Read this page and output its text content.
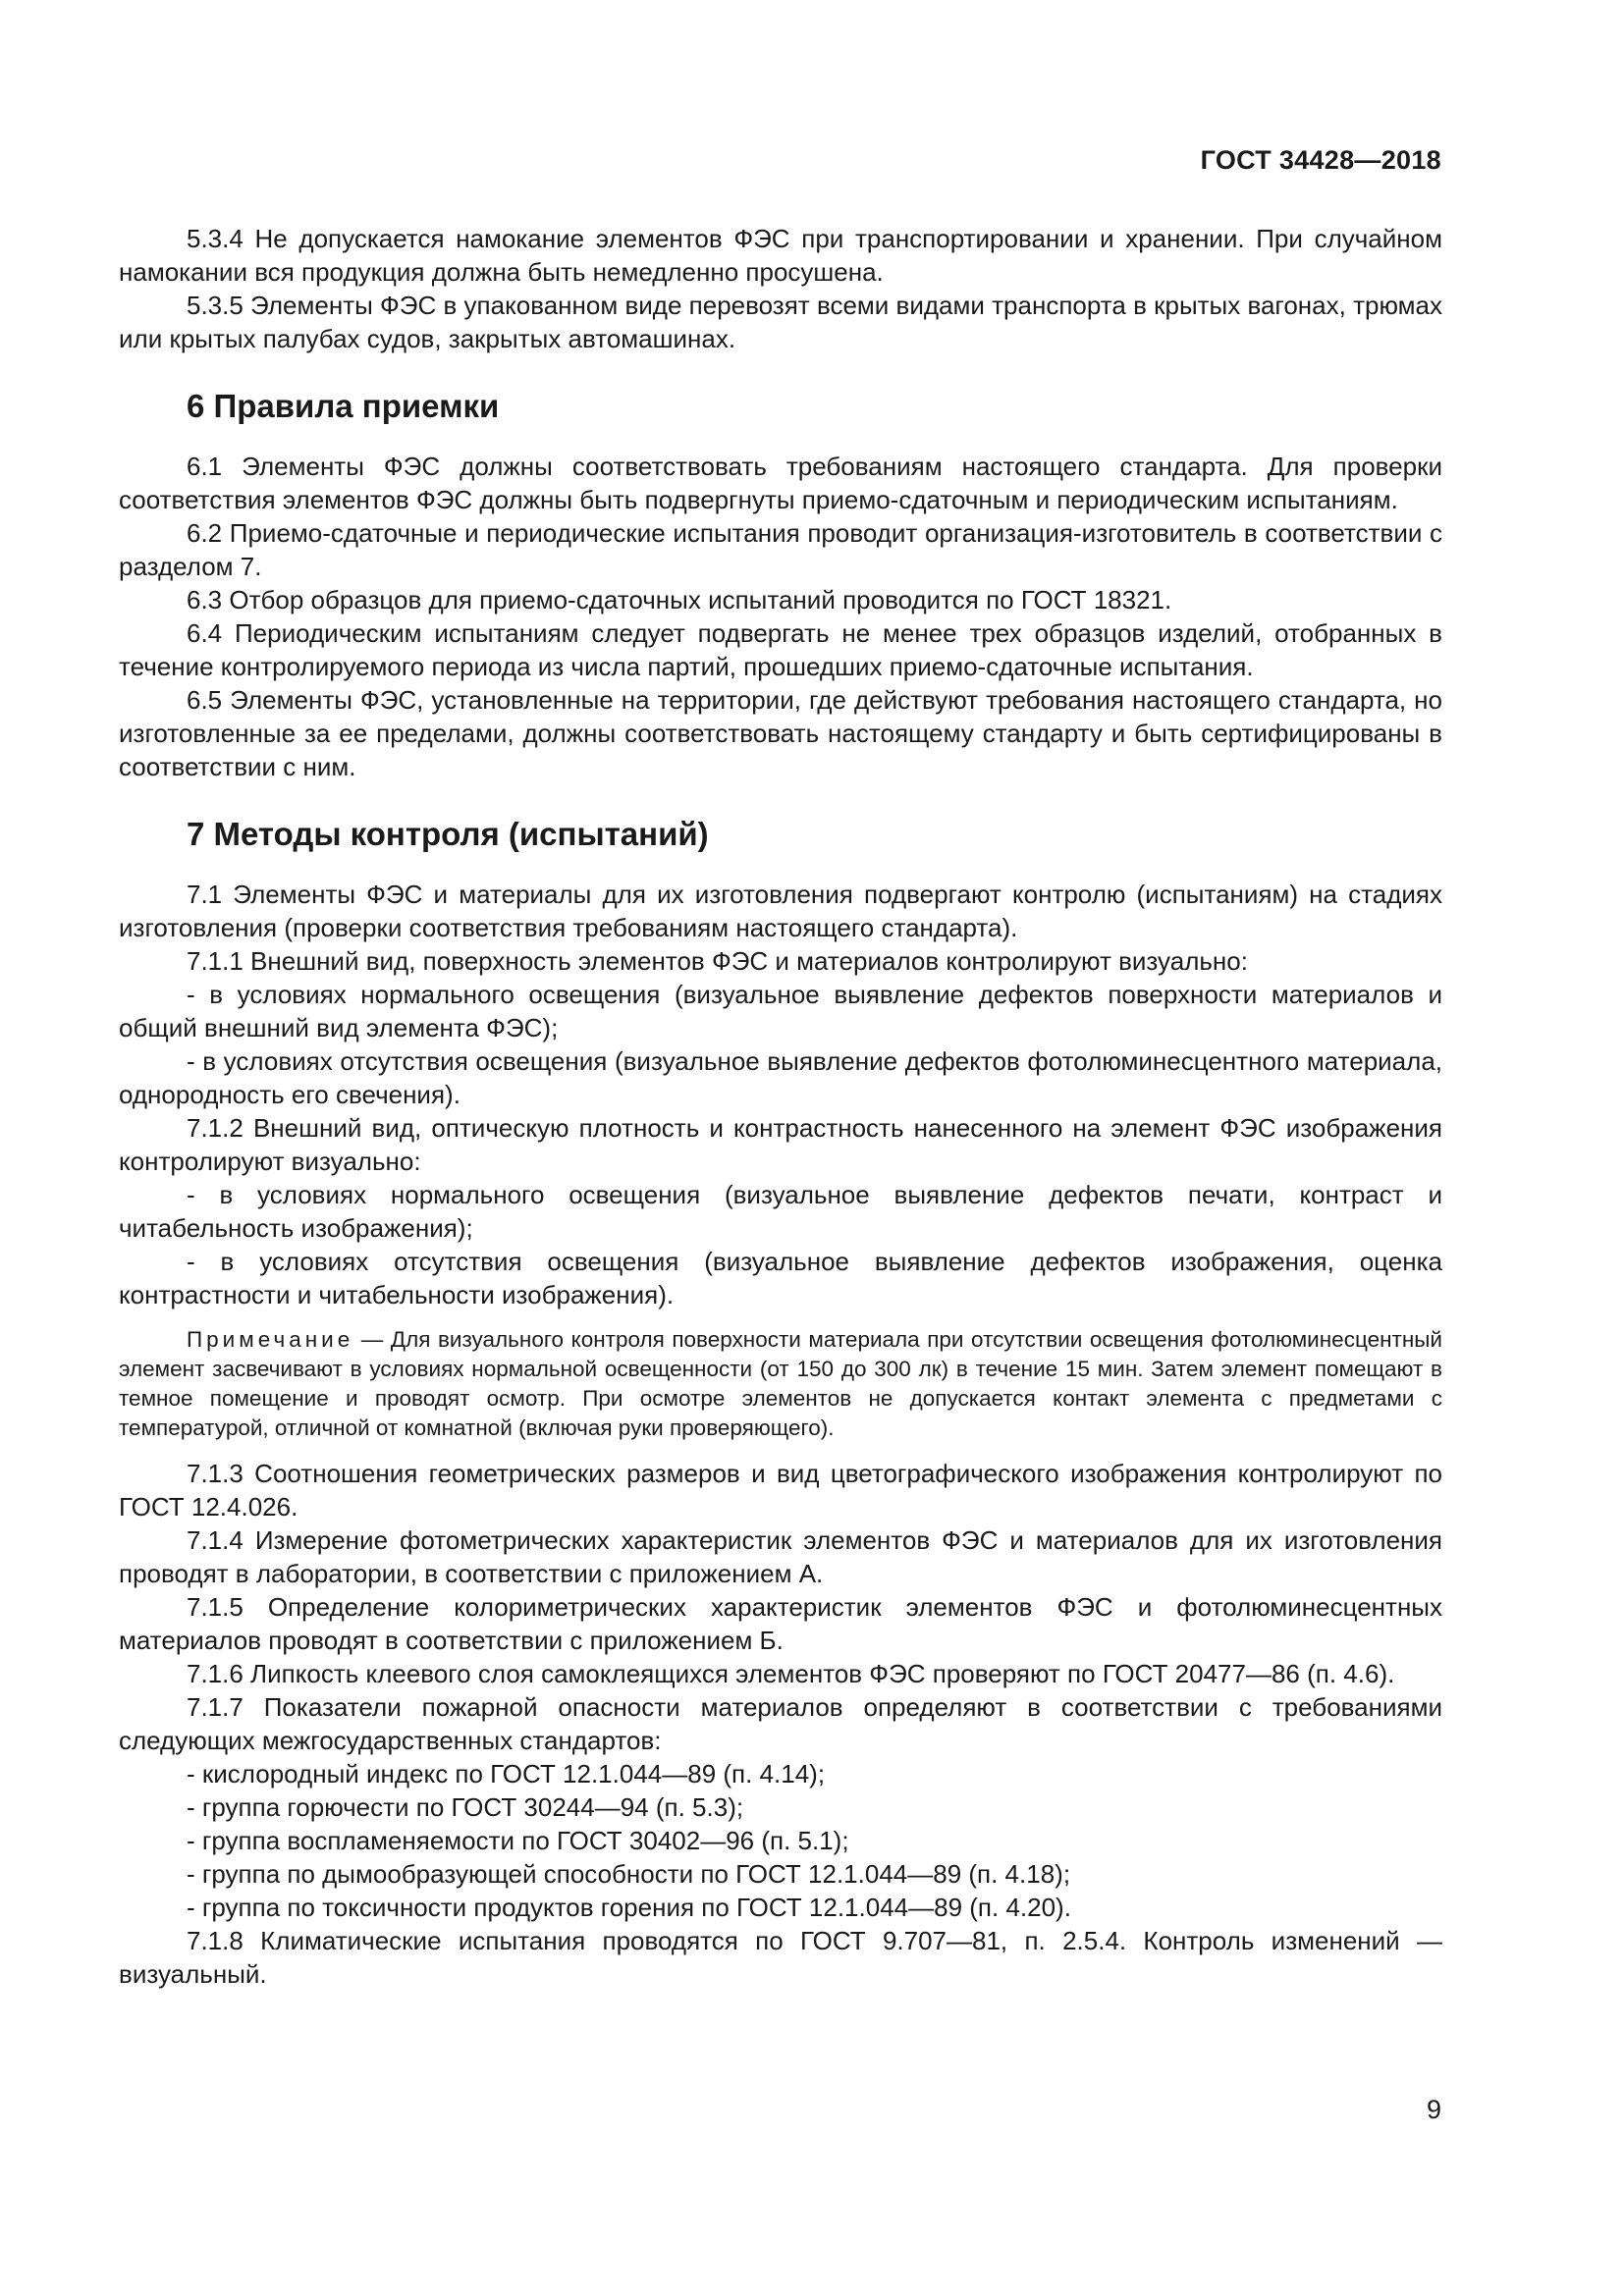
ГОСТ 34428—2018

5.3.4 Не допускается намокание элементов ФЭС при транспортировании и хранении. При случайном намокании вся продукция должна быть немедленно просушена.

5.3.5 Элементы ФЭС в упакованном виде перевозят всеми видами транспорта в крытых вагонах, трюмах или крытых палубах судов, закрытых автомашинах.

6 Правила приемки

6.1 Элементы ФЭС должны соответствовать требованиям настоящего стандарта. Для проверки соответствия элементов ФЭС должны быть подвергнуты приемо-сдаточным и периодическим испытаниям.

6.2 Приемо-сдаточные и периодические испытания проводит организация-изготовитель в соответствии с разделом 7.

6.3 Отбор образцов для приемо-сдаточных испытаний проводится по ГОСТ 18321.

6.4 Периодическим испытаниям следует подвергать не менее трех образцов изделий, отобранных в течение контролируемого периода из числа партий, прошедших приемо-сдаточные испытания.

6.5 Элементы ФЭС, установленные на территории, где действуют требования настоящего стандарта, но изготовленные за ее пределами, должны соответствовать настоящему стандарту и быть сертифицированы в соответствии с ним.

7 Методы контроля (испытаний)

7.1 Элементы ФЭС и материалы для их изготовления подвергают контролю (испытаниям) на стадиях изготовления (проверки соответствия требованиям настоящего стандарта).

7.1.1 Внешний вид, поверхность элементов ФЭС и материалов контролируют визуально:

- в условиях нормального освещения (визуальное выявление дефектов поверхности материалов и общий внешний вид элемента ФЭС);

- в условиях отсутствия освещения (визуальное выявление дефектов фотолюминесцентного материала, однородность его свечения).

7.1.2 Внешний вид, оптическую плотность и контрастность нанесенного на элемент ФЭС изображения контролируют визуально:

- в условиях нормального освещения (визуальное выявление дефектов печати, контраст и читабельность изображения);

- в условиях отсутствия освещения (визуальное выявление дефектов изображения, оценка контрастности и читабельности изображения).

Примечание — Для визуального контроля поверхности материала при отсутствии освещения фотолюминесцентный элемент засвечивают в условиях нормальной освещенности (от 150 до 300 лк) в течение 15 мин. Затем элемент помещают в темное помещение и проводят осмотр. При осмотре элементов не допускается контакт элемента с предметами с температурой, отличной от комнатной (включая руки проверяющего).

7.1.3 Соотношения геометрических размеров и вид цветографического изображения контролируют по ГОСТ 12.4.026.

7.1.4 Измерение фотометрических характеристик элементов ФЭС и материалов для их изготовления проводят в лаборатории, в соответствии с приложением А.

7.1.5 Определение колориметрических характеристик элементов ФЭС и фотолюминесцентных материалов проводят в соответствии с приложением Б.

7.1.6 Липкость клеевого слоя самоклеящихся элементов ФЭС проверяют по ГОСТ 20477—86 (п. 4.6).

7.1.7 Показатели пожарной опасности материалов определяют в соответствии с требованиями следующих межгосударственных стандартов:

- кислородный индекс по ГОСТ 12.1.044—89 (п. 4.14);

- группа горючести по ГОСТ 30244—94 (п. 5.3);

- группа воспламеняемости по ГОСТ 30402—96 (п. 5.1);

- группа по дымообразующей способности по ГОСТ 12.1.044—89 (п. 4.18);

- группа по токсичности продуктов горения по ГОСТ 12.1.044—89 (п. 4.20).

7.1.8 Климатические испытания проводятся по ГОСТ 9.707—81, п. 2.5.4. Контроль изменений — визуальный.

9
